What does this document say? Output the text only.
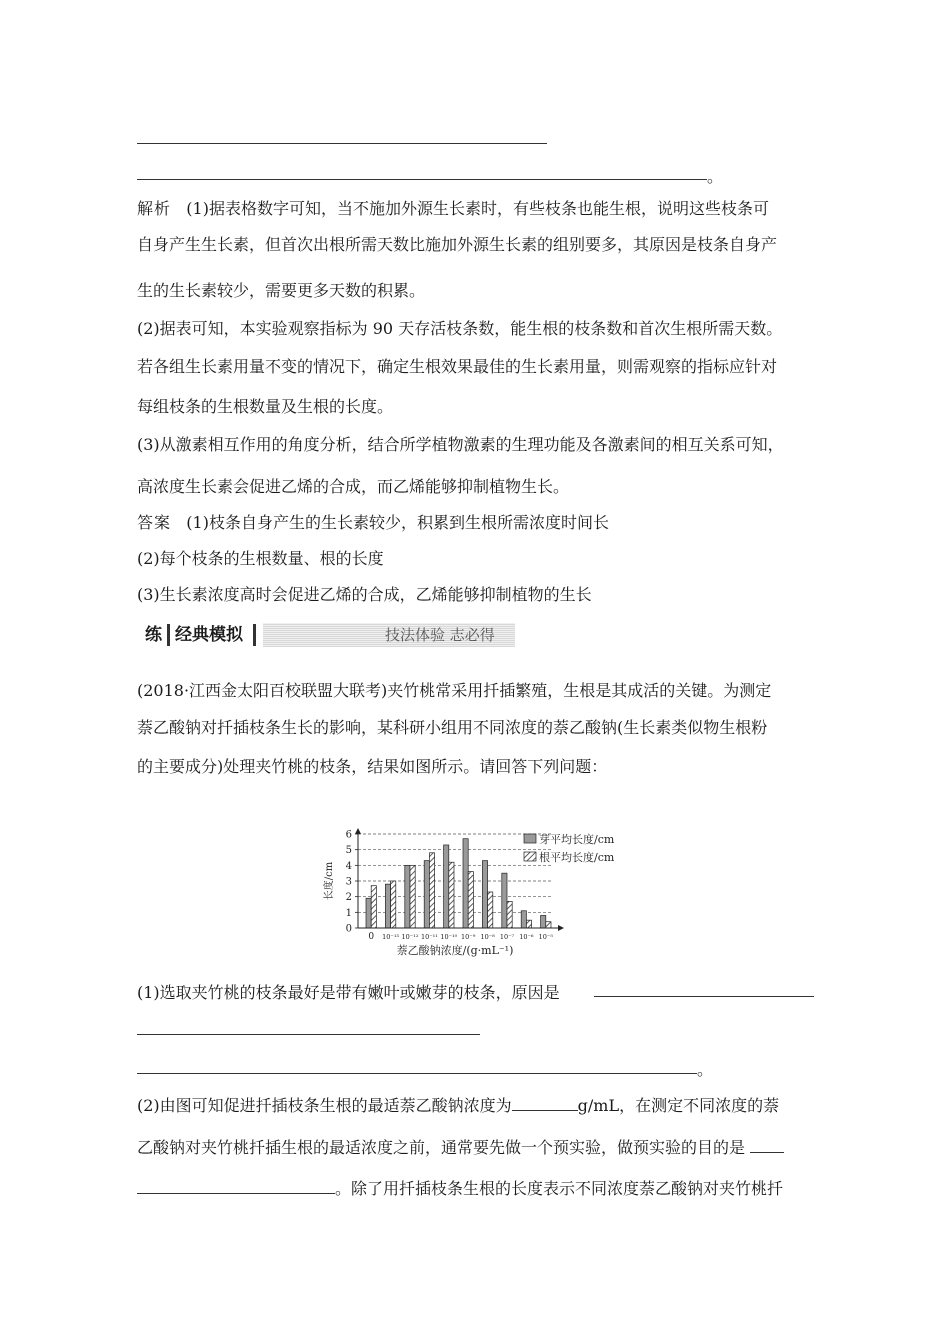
。
解析 (1)据表格数字可知，当不施加外源生长素时，有些枝条也能生根，说明这些枝条可
自身产生生长素，但首次出根所需天数比施加外源生长素的组别要多，其原因是枝条自身产
生的生长素较少，需要更多天数的积累。
(2)据表可知，本实验观察指标为 90 天存活枝条数，能生根的枝条数和首次生根所需天数。
若各组生长素用量不变的情况下，确定生根效果最佳的生长素用量，则需观察的指标应针对
每组枝条的生根数量及生根的长度。
(3)从激素相互作用的角度分析，结合所学植物激素的生理功能及各激素间的相互关系可知，
高浓度生长素会促进乙烯的合成，而乙烯能够抑制植物生长。
答案 (1)枝条自身产生的生长素较少，积累到生根所需浓度时间长
(2)每个枝条的生根数量、根的长度
(3)生长素浓度高时会促进乙烯的合成，乙烯能够抑制植物的生长
练 经典模拟	技法体验 志必得
(2018·江西金太阳百校联盟大联考)夹竹桃常采用扦插繁殖，生根是其成活的关键。为测定
萘乙酸钠对扦插枝条生长的影响，某科研小组用不同浓度的萘乙酸钠(生长素类似物生根粉
的主要成分)处理夹竹桃的枝条，结果如图所示。请回答下列问题：
0
1
2
3
4
5
6
0 10⁻¹³ 10⁻¹² 10⁻¹¹ 10⁻¹⁰ 10⁻⁹ 10⁻⁸ 10⁻⁷ 10⁻⁶ 10⁻⁵
长度/cm
萘乙酸钠浓度/(g·mL⁻¹)
芽平均长度/cm
根平均长度/cm
(1)选取夹竹桃的枝条最好是带有嫩叶或嫩芽的枝条，原因是
。
(2)由图可知促进扦插枝条生根的最适萘乙酸钠浓度为	g/mL，在测定不同浓度的萘
乙酸钠对夹竹桃扦插生根的最适浓度之前，通常要先做一个预实验，做预实验的目的是
。除了用扦插枝条生根的长度表示不同浓度萘乙酸钠对夹竹桃扦
